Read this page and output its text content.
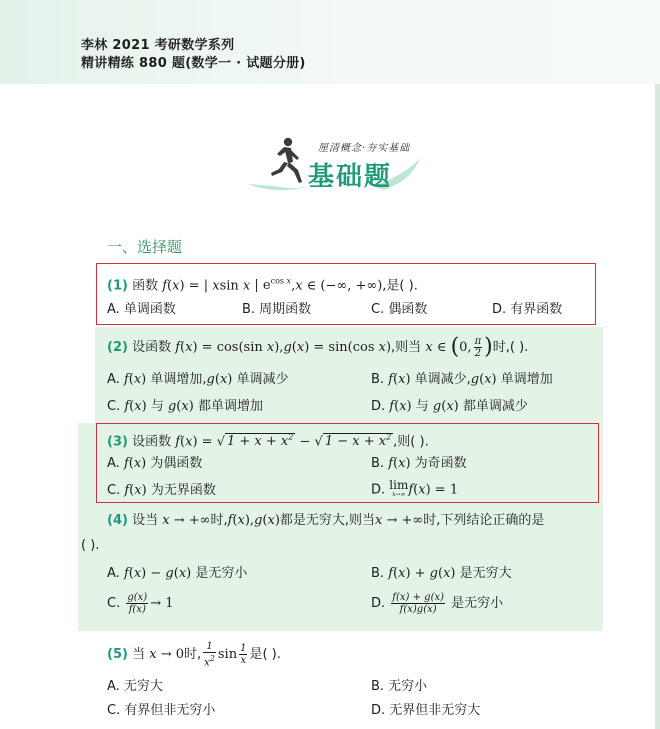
李林 2021 考研数学系列
精讲精练 880 题(数学一 · 试题分册)
厘清概念·夯实基础
基础题
一、选择题
(1) 函数 f(x) = | xsin x | $e^{cos x},x$ ∈ (−∞, +∞),是( ).
A. 单调函数	B. 周期函数	C. 偶函数	D. 有界函数
(2) 设函数 f(x) = cos(sin x),g(x) = sin(cos x),则当 x ∈ (0, $\frac{\pi}{2}$ )时,( ).
A. f(x) 单调增加,g(x) 单调减少	B. f(x) 单调减少,g(x) 单调增加
C. f(x) 与 g(x) 都单调增加	D. f(x) 与 g(x) 都单调减少
(3) 设函数 f(x) = √ $1 + x + x^2$ − √ $1 - x + x^2$ ,则( ).
A. f(x) 为偶函数	B. f(x) 为奇函数
C. f(x) 为无界函数	D. lim
x→∞ f(x) = 1
(4) 设当 x → +∞时,f(x),g(x)都是无穷大,则当x → +∞时,下列结论正确的是
( ).
A. f(x) − g(x) 是无穷小	B. f(x) + g(x) 是无穷大
C. $\frac{g(x)}{f(x)} \to 1$	D. $\frac{f(x) + g(x)}{f(x)g(x)}$ 是无穷小
(5) 当 x → 0时, $\frac{1}{x^2}$ $\sin \frac{1}{x}$ 是( ).
A. 无穷大	B. 无穷小
C. 有界但非无穷小	D. 无界但非无穷大
